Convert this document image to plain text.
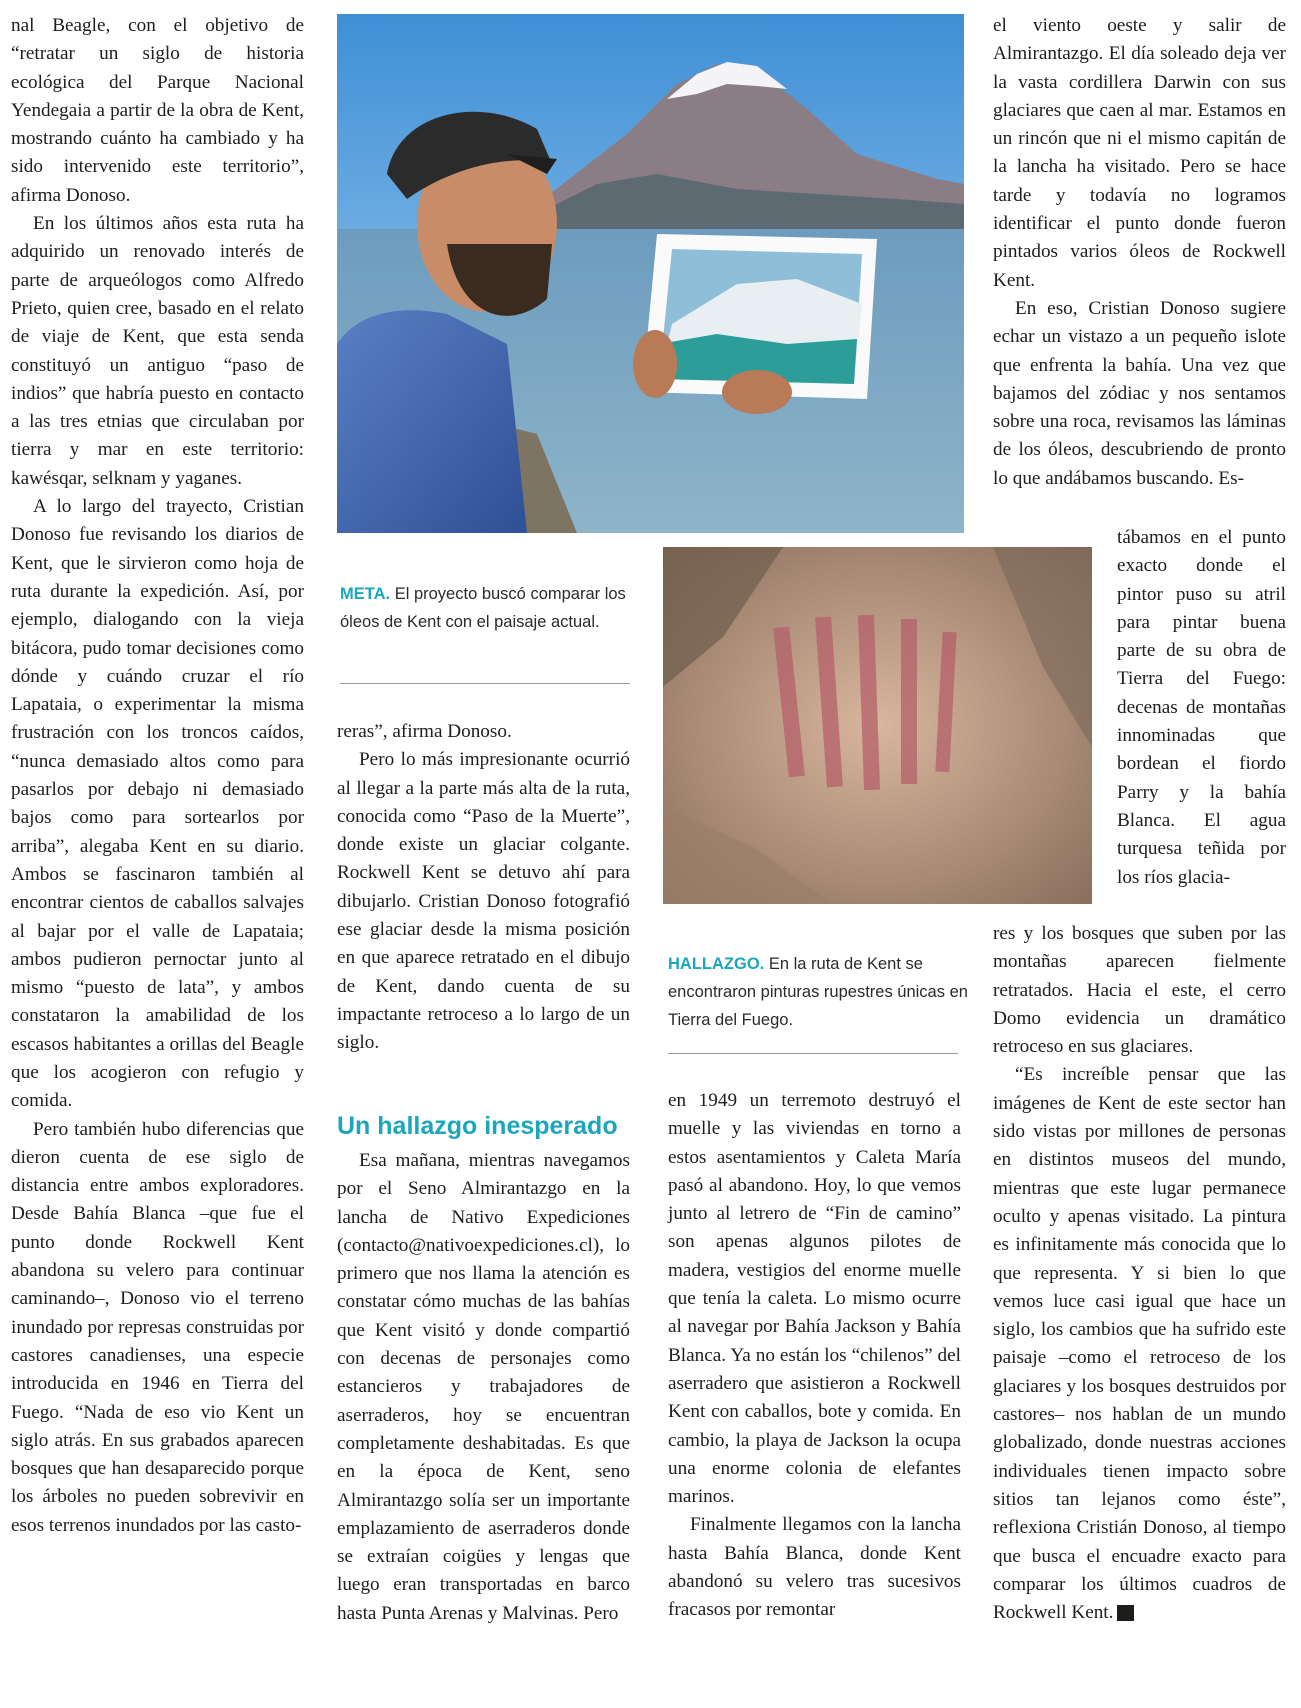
nal Beagle, con el objetivo de “retratar un siglo de historia ecológica del Parque Nacional Yendegaia a partir de la obra de Kent, mostrando cuánto ha cambiado y ha sido intervenido este territorio”, afirma Donoso.

En los últimos años esta ruta ha adquirido un renovado interés de parte de arqueólogos como Alfredo Prieto, quien cree, basado en el relato de viaje de Kent, que esta senda constituyó un antiguo “paso de indios” que habría puesto en contacto a las tres etnias que circulaban por tierra y mar en este territorio: kawésqar, selknam y yaganes.

A lo largo del trayecto, Cristian Donoso fue revisando los diarios de Kent, que le sirvieron como hoja de ruta durante la expedición. Así, por ejemplo, dialogando con la vieja bitácora, pudo tomar decisiones como dónde y cuándo cruzar el río Lapataia, o experimentar la misma frustración con los troncos caídos, “nunca demasiado altos como para pasarlos por debajo ni demasiado bajos como para sortearlos por arriba”, alegaba Kent en su diario. Ambos se fascinaron también al encontrar cientos de caballos salvajes al bajar por el valle de Lapataia; ambos pudieron pernoctar junto al mismo “puesto de lata”, y ambos constataron la amabilidad de los escasos habitantes a orillas del Beagle que los acogieron con refugio y comida.

Pero también hubo diferencias que dieron cuenta de ese siglo de distancia entre ambos exploradores. Desde Bahía Blanca –que fue el punto donde Rockwell Kent abandona su velero para continuar caminando–, Donoso vio el terreno inundado por represas construidas por castores canadienses, una especie introducida en 1946 en Tierra del Fuego. “Nada de eso vio Kent un siglo atrás. En sus grabados aparecen bosques que han desaparecido porque los árboles no pueden sobrevivir en esos terrenos inundados por las casto-

reras”, afirma Donoso.

Pero lo más impresionante ocurrió al llegar a la parte más alta de la ruta, conocida como “Paso de la Muerte”, donde existe un glaciar colgante. Rockwell Kent se detuvo ahí para dibujarlo. Cristian Donoso fotografió ese glaciar desde la misma posición en que aparece retratado en el dibujo de Kent, dando cuenta de su impactante retroceso a lo largo de un siglo.

Un hallazgo inesperado

Esa mañana, mientras navegamos por el Seno Almirantazgo en la lancha de Nativo Expediciones (contacto@nativoexpediciones.cl), lo primero que nos llama la atención es constatar cómo muchas de las bahías que Kent visitó y donde compartió con decenas de personajes como estancieros y trabajadores de aserraderos, hoy se encuentran completamente deshabitadas. Es que en la época de Kent, seno Almirantazgo solía ser un importante emplazamiento de aserraderos donde se extraían coigües y lengas que luego eran transportadas en barco hasta Punta Arenas y Malvinas. Pero

en 1949 un terremoto destruyó el muelle y las viviendas en torno a estos asentamientos y Caleta María pasó al abandono. Hoy, lo que vemos junto al letrero de “Fin de camino” son apenas algunos pilotes de madera, vestigios del enorme muelle que tenía la caleta. Lo mismo ocurre al navegar por Bahía Jackson y Bahía Blanca. Ya no están los “chilenos” del aserradero que asistieron a Rockwell Kent con caballos, bote y comida. En cambio, la playa de Jackson la ocupa una enorme colonia de elefantes marinos.

Finalmente llegamos con la lancha hasta Bahía Blanca, donde Kent abandonó su velero tras sucesivos fracasos por remontar

el viento oeste y salir de Almirantazgo. El día soleado deja ver la vasta cordillera Darwin con sus glaciares que caen al mar. Estamos en un rincón que ni el mismo capitán de la lancha ha visitado. Pero se hace tarde y todavía no logramos identificar el punto donde fueron pintados varios óleos de Rockwell Kent.

En eso, Cristian Donoso sugiere echar un vistazo a un pequeño islote que enfrenta la bahía. Una vez que bajamos del zódiac y nos sentamos sobre una roca, revisamos las láminas de los óleos, descubriendo de pronto lo que andábamos buscando. Es-

tábamos en el punto exacto donde el pintor puso su atril para pintar buena parte de su obra de Tierra del Fuego: decenas de montañas innominadas que bordean el fiordo Parry y la bahía Blanca. El agua turquesa teñida por los ríos glacia-

res y los bosques que suben por las montañas aparecen fielmente retratados. Hacia el este, el cerro Domo evidencia un dramático retroceso en sus glaciares.

“Es increíble pensar que las imágenes de Kent de este sector han sido vistas por millones de personas en distintos museos del mundo, mientras que este lugar permanece oculto y apenas visitado. La pintura es infinitamente más conocida que lo que representa. Y si bien lo que vemos luce casi igual que hace un siglo, los cambios que ha sufrido este paisaje –como el retroceso de los glaciares y los bosques destruidos por castores– nos hablan de un mundo globalizado, donde nuestras acciones individuales tienen impacto sobre sitios tan lejanos como éste”, reflexiona Cristián Donoso, al tiempo que busca el encuadre exacto para comparar los últimos cuadros de Rockwell Kent. D

META. El proyecto buscó comparar los óleos de Kent con el paisaje actual.
HALLAZGO. En la ruta de Kent se encontraron pinturas rupestres únicas en Tierra del Fuego.
